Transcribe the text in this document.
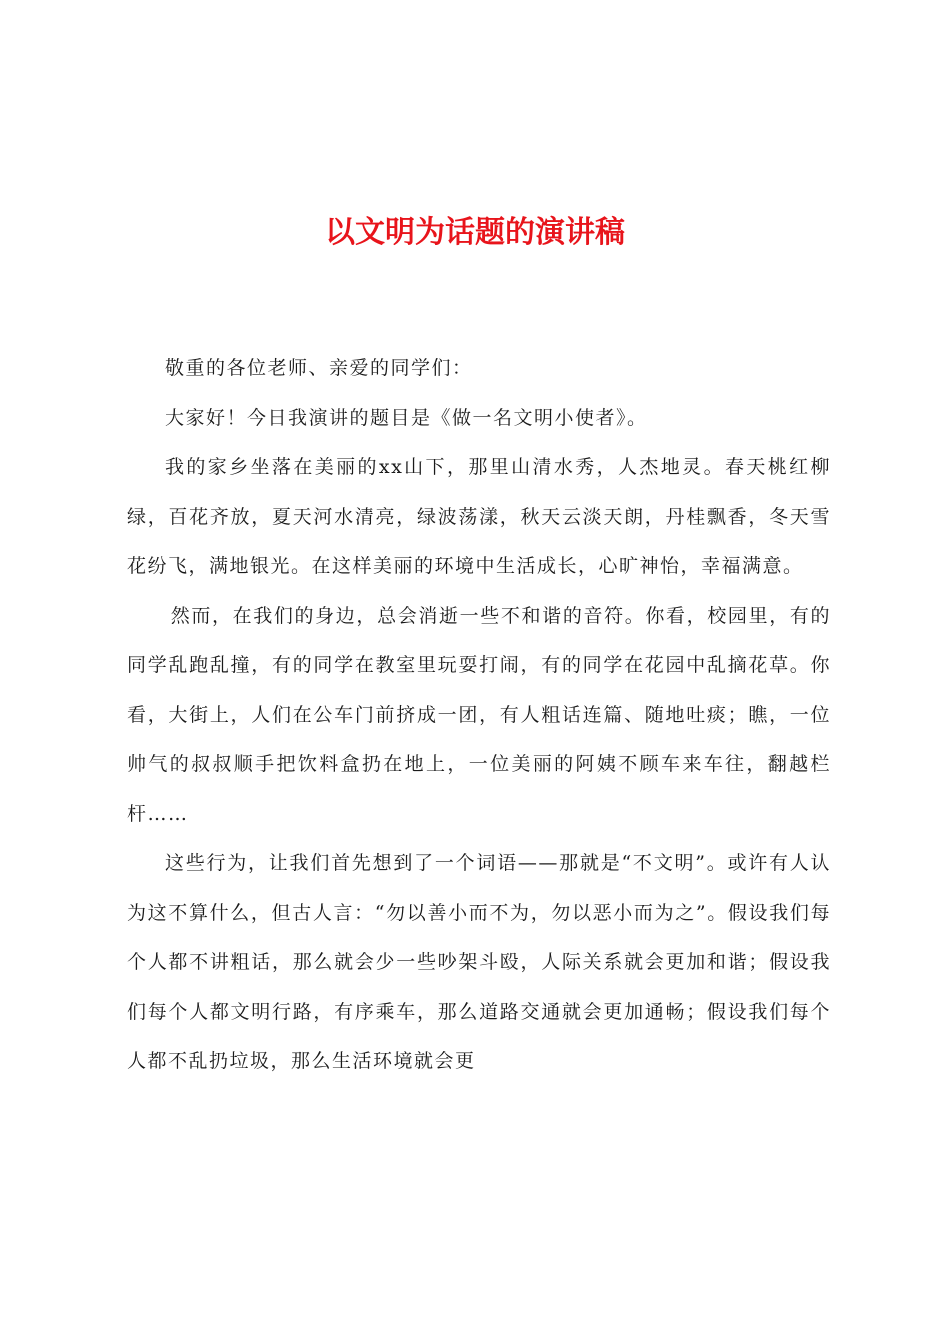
以文明为话题的演讲稿

敬重的各位老师、亲爱的同学们：

大家好！今日我演讲的题目是《做一名文明小使者》。

我的家乡坐落在美丽的xx山下，那里山清水秀，人杰地灵。春天桃红柳绿，百花齐放，夏天河水清亮，绿波荡漾，秋天云淡天朗，丹桂飘香，冬天雪花纷飞，满地银光。在这样美丽的环境中生活成长，心旷神怡，幸福满意。

然而，在我们的身边，总会消逝一些不和谐的音符。你看，校园里，有的同学乱跑乱撞，有的同学在教室里玩耍打闹，有的同学在花园中乱摘花草。你看，大街上，人们在公车门前挤成一团，有人粗话连篇、随地吐痰；瞧，一位帅气的叔叔顺手把饮料盒扔在地上，一位美丽的阿姨不顾车来车往，翻越栏杆……

这些行为，让我们首先想到了一个词语——那就是“不文明”。或许有人认为这不算什么，但古人言：“勿以善小而不为，勿以恶小而为之”。假设我们每个人都不讲粗话，那么就会少一些吵架斗殴，人际关系就会更加和谐；假设我们每个人都文明行路，有序乘车，那么道路交通就会更加通畅；假设我们每个人都不乱扔垃圾，那么生活环境就会更
